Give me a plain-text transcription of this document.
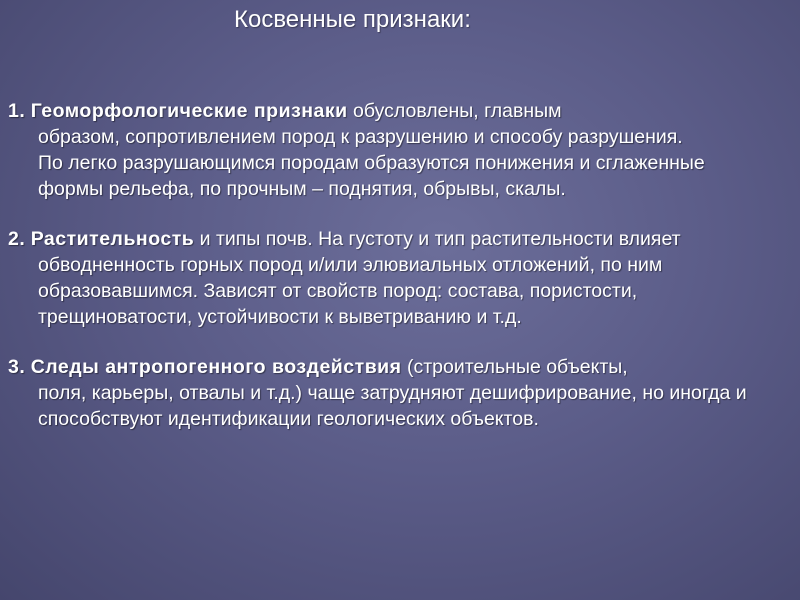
Косвенные признаки:
1. Геоморфологические признаки обусловлены, главным
образом, сопротивлением пород к разрушению и способу разрушения.
По легко разрушающимся породам образуются понижения и сглаженные
формы рельефа, по прочным – поднятия, обрывы, скалы.
2. Растительность и типы почв. На густоту и тип растительности влияет
обводненность горных пород и/или элювиальных отложений, по ним
образовавшимся. Зависят от свойств пород: состава, пористости,
трещиноватости, устойчивости к выветриванию и т.д.
3. Следы антропогенного воздействия (строительные объекты,
поля, карьеры, отвалы и т.д.) чаще затрудняют дешифрирование, но иногда и
способствуют идентификации геологических объектов.
